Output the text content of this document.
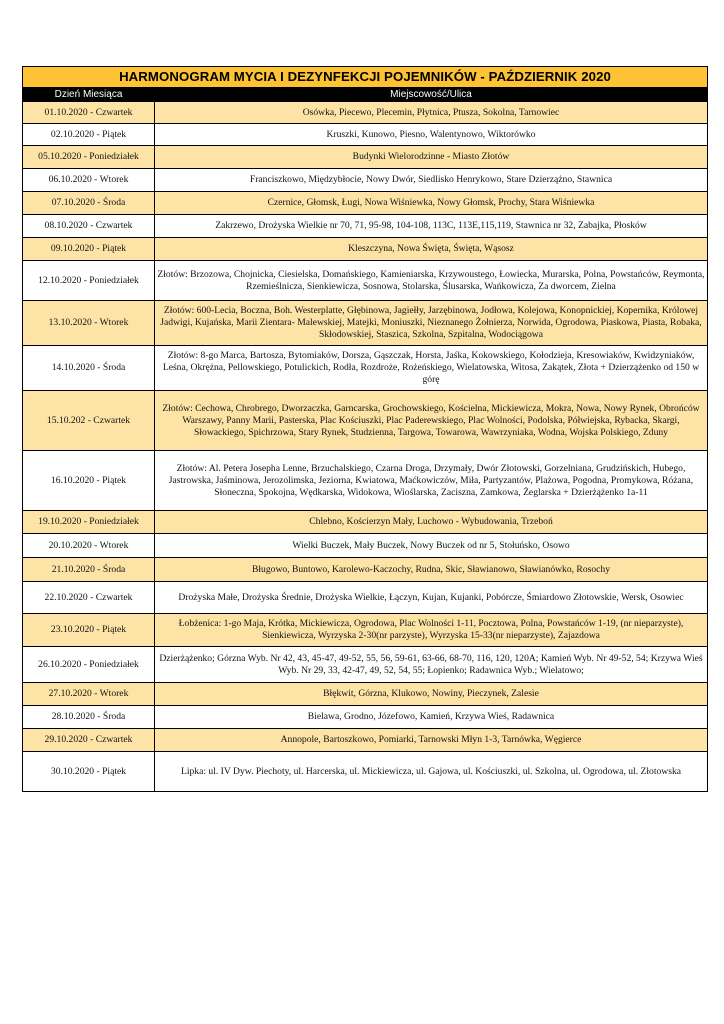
HARMONOGRAM MYCIA I DEZYNFEKCJI POJEMNIKÓW - PAŹDZIERNIK 2020	
Dzień Miesiąca	Miejscowość/Ulica
01.10.2020 - Czwartek	Osówka, Piecewo, Plecemin, Płytnica, Ptusza, Sokolna, Tarnowiec
02.10.2020 - Piątek	Kruszki, Kunowo, Piesno, Walentynowo, Wiktorówko
05.10.2020 - Poniedziałek	Budynki Wielorodzinne - Miasto Złotów
06.10.2020 - Wtorek	Franciszkowo, Międzybłocie, Nowy Dwór, Siedlisko Henrykowo, Stare Dzierzążno, Stawnica
07.10.2020 - Środa	Czernice, Głomsk, Ługi, Nowa Wiśniewka, Nowy Głomsk, Prochy, Stara Wiśniewka
08.10.2020 - Czwartek	Zakrzewo, Drożyska Wielkie nr 70, 71, 95-98, 104-108, 113C, 113E,115,119, Stawnica nr 32, Zabajka, Płosków
09.10.2020 - Piątek	Kleszczyna, Nowa Święta, Święta, Wąsosz
12.10.2020 - Poniedziałek	Złotów: Brzozowa, Chojnicka, Ciesielska, Domańskiego, Kamieniarska, Krzywoustego, Łowiecka, Murarska, Polna, Powstańców, Reymonta, Rzemieślnicza, Sienkiewicza, Sosnowa, Stolarska, Ślusarska, Wańkowicza, Za dworcem, Zielna
13.10.2020 - Wtorek	Złotów: 600-Lecia, Boczna, Boh. Westerplatte, Głębinowa, Jagiełły, Jarzębinowa, Jodłowa, Kolejowa, Konopnickiej, Kopernika, Królowej Jadwigi, Kujańska, Marii Zientara- Malewskiej, Matejki, Moniuszki, Nieznanego Żołnierza, Norwida, Ogrodowa, Piaskowa, Piasta, Robaka, Skłodowskiej, Staszica, Szkolna, Szpitalna, Wodociągowa
14.10.2020 - Środa	Złotów: 8-go Marca, Bartosza, Bytomiaków, Dorsza, Gąszczak, Horsta, Jaśka, Kokowskiego, Kołodzieja, Kresowiaków, Kwidzyniaków, Leśna, Okrężna, Pellowskiego, Potulickich, Rodła, Rozdroże, Rożeńskiego, Wielatowska, Witosa, Zakątek, Złota + Dzierzążenko od 150 w górę
15.10.202 - Czwartek	Złotów: Cechowa, Chrobrego, Dworzaczka, Garncarska, Grochowskiego, Kościelna, Mickiewicza, Mokra, Nowa, Nowy Rynek, Obrońców Warszawy, Panny Marii, Pasterska, Plac Kościuszki, Plac Paderewskiego, Plac Wolności, Podolska, Półwiejska, Rybacka, Skargi, Słowackiego, Spichrzowa, Stary Rynek, Studzienna, Targowa, Towarowa, Wawrzyniaka, Wodna, Wojska Polskiego, Zduny
16.10.2020 - Piątek	Złotów: Al. Petera Josepha Lenne, Brzuchalskiego, Czarna Droga, Drzymały, Dwór Złotowski, Gorzelniana, Grudzińskich, Hubego, Jastrowska, Jaśminowa, Jerozolimska, Jeziorna, Kwiatowa, Maćkowiczów, Miła, Partyzantów, Plażowa, Pogodna, Promykowa, Różana, Słoneczna, Spokojna, Wędkarska, Widokowa, Wioślarska, Zaciszna, Zamkowa, Żeglarska + Dzierżążenko 1a-11
19.10.2020 - Poniedziałek	Chlebno, Kościerzyn Mały, Luchowo - Wybudowania, Trzeboń
20.10.2020 - Wtorek	Wielki Buczek, Mały Buczek, Nowy Buczek od nr 5, Stołuńsko, Osowo
21.10.2020 - Środa	Bługowo, Buntowo, Karolewo-Kaczochy, Rudna, Skic, Sławianowo, Sławianówko, Rosochy
22.10.2020 - Czwartek	Drożyska Małe, Drożyska Średnie, Drożyska Wielkie, Łączyn, Kujan, Kujanki, Pobórcze, Śmiardowo Złotowskie, Wersk, Osowiec
23.10.2020 - Piątek	Łobżenica: 1-go Maja, Krótka, Mickiewicza, Ogrodowa, Plac Wolności 1-11, Pocztowa, Polna, Powstańców 1-19, (nr nieparzyste), Sienkiewicza, Wyrzyska 2-30(nr parzyste), Wyrzyska 15-33(nr nieparzyste), Zajazdowa
26.10.2020 - Poniedziałek	Dzierżążenko; Górzna Wyb. Nr 42, 43, 45-47, 49-52, 55, 56, 59-61, 63-66, 68-70, 116, 120, 120A; Kamień Wyb. Nr 49-52, 54; Krzywa Wieś Wyb. Nr 29, 33, 42-47, 49, 52, 54, 55; Łopienko; Radawnica Wyb.; Wielatowo;
27.10.2020 - Wtorek	Błękwit, Górzna, Klukowo, Nowiny, Pieczynek, Zalesie
28.10.2020 - Środa	Bielawa, Grodno, Józefowo, Kamień, Krzywa Wieś, Radawnica
29.10.2020 - Czwartek	Annopole, Bartoszkowo, Pomiarki, Tarnowski Młyn 1-3, Tarnówka, Węgierce
30.10.2020 - Piątek	Lipka: ul. IV Dyw. Piechoty, ul. Harcerska, ul. Mickiewicza, ul. Gajowa, ul. Kościuszki, ul. Szkolna, ul. Ogrodowa, ul. Złotowska
